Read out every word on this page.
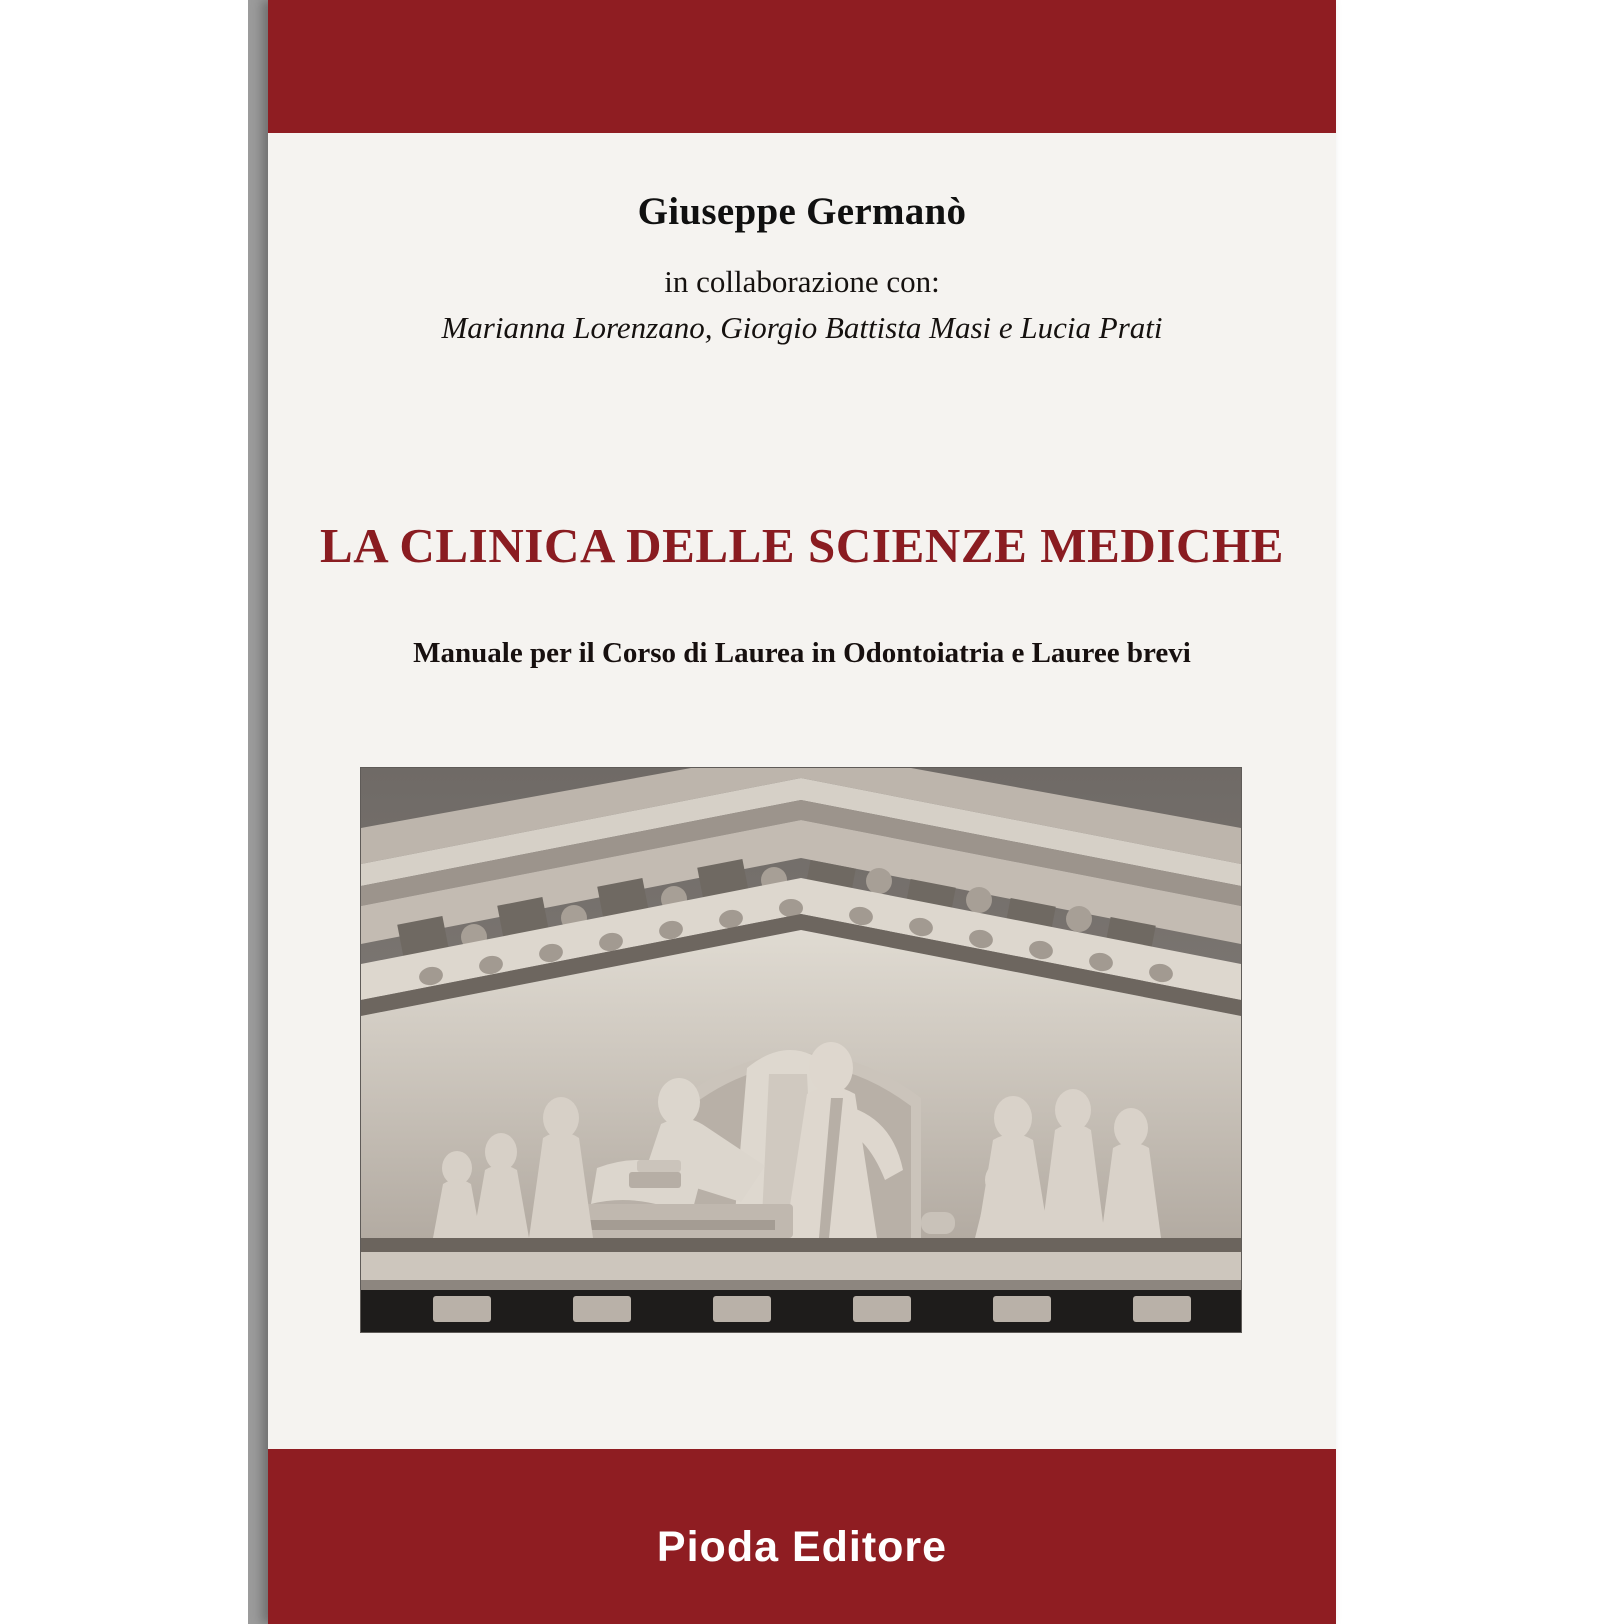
Giuseppe Germanò
in collaborazione con:
Marianna Lorenzano, Giorgio Battista Masi e Lucia Prati
LA CLINICA DELLE SCIENZE MEDICHE
Manuale per il Corso di Laurea in Odontoiatria e Lauree brevi
Pioda Editore
